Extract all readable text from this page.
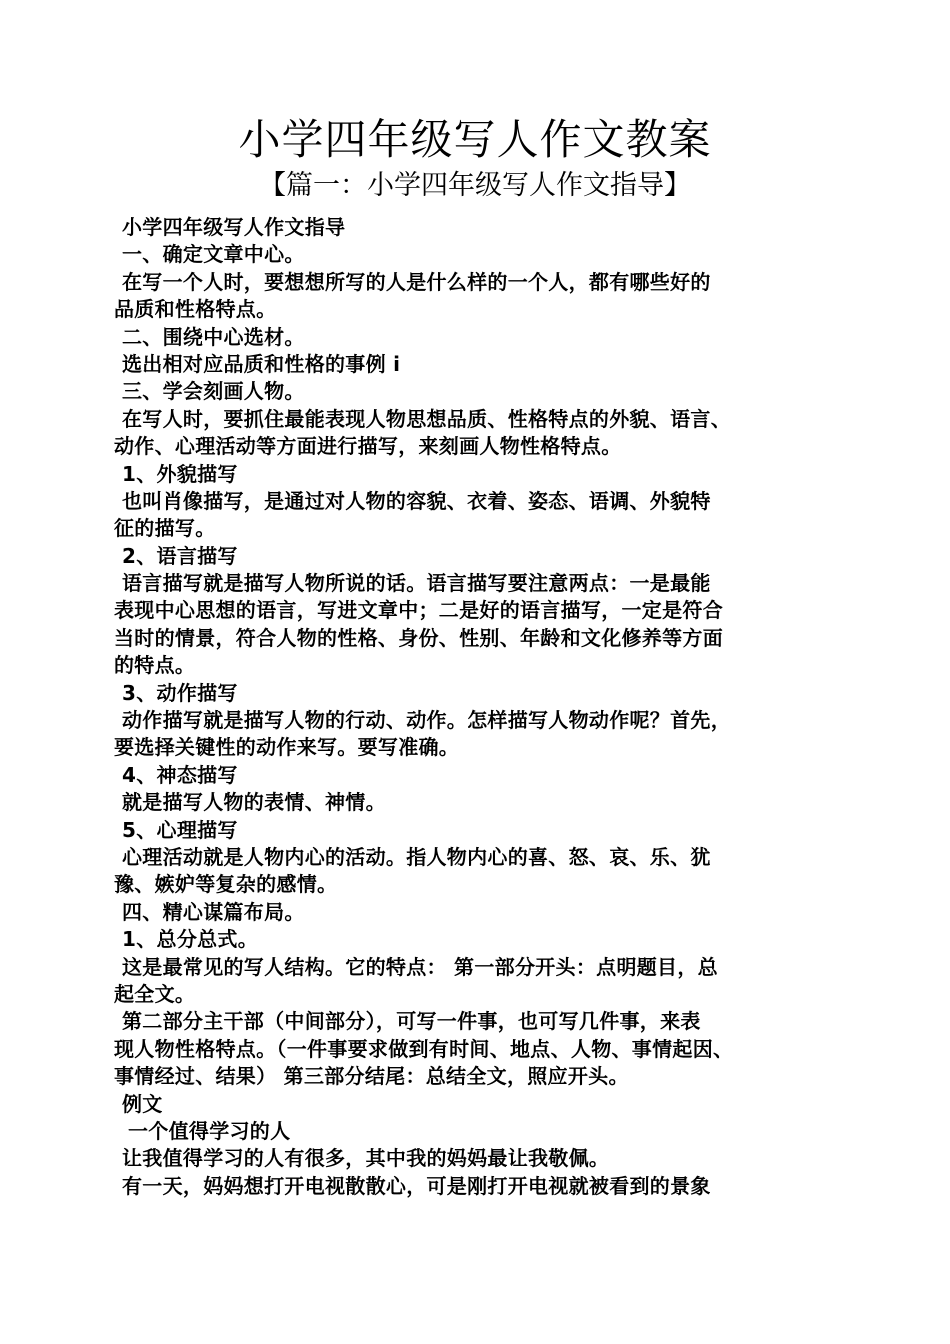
小学四年级写人作文教案
【篇一：小学四年级写人作文指导】
小学四年级写人作文指导
一、确定文章中心。
在写一个人时，要想想所写的人是什么样的一个人，都有哪些好的
品质和性格特点。
二、围绕中心选材。
选出相对应品质和性格的事例 i
三、学会刻画人物。
在写人时，要抓住最能表现人物思想品质、性格特点的外貌、语言、
动作、心理活动等方面进行描写，来刻画人物性格特点。
1、外貌描写
也叫肖像描写，是通过对人物的容貌、衣着、姿态、语调、外貌特
征的描写。
2、语言描写
语言描写就是描写人物所说的话。语言描写要注意两点：一是最能
表现中心思想的语言，写进文章中；二是好的语言描写，一定是符合
当时的情景，符合人物的性格、身份、性别、年龄和文化修养等方面
的特点。
3、动作描写
动作描写就是描写人物的行动、动作。怎样描写人物动作呢？首先，
要选择关键性的动作来写。要写准确。
4、神态描写
就是描写人物的表情、神情。
5、心理描写
心理活动就是人物内心的活动。指人物内心的喜、怒、哀、乐、犹
豫、嫉妒等复杂的感情。
四、精心谋篇布局。
1、总分总式。
这是最常见的写人结构。它的特点： 第一部分开头：点明题目，总
起全文。
第二部分主干部（中间部分），可写一件事，也可写几件事，来表
现人物性格特点。（一件事要求做到有时间、地点、人物、事情起因、
事情经过、结果） 第三部分结尾：总结全文，照应开头。
例文
一个值得学习的人
让我值得学习的人有很多，其中我的妈妈最让我敬佩。
有一天，妈妈想打开电视散散心，可是刚打开电视就被看到的景象
